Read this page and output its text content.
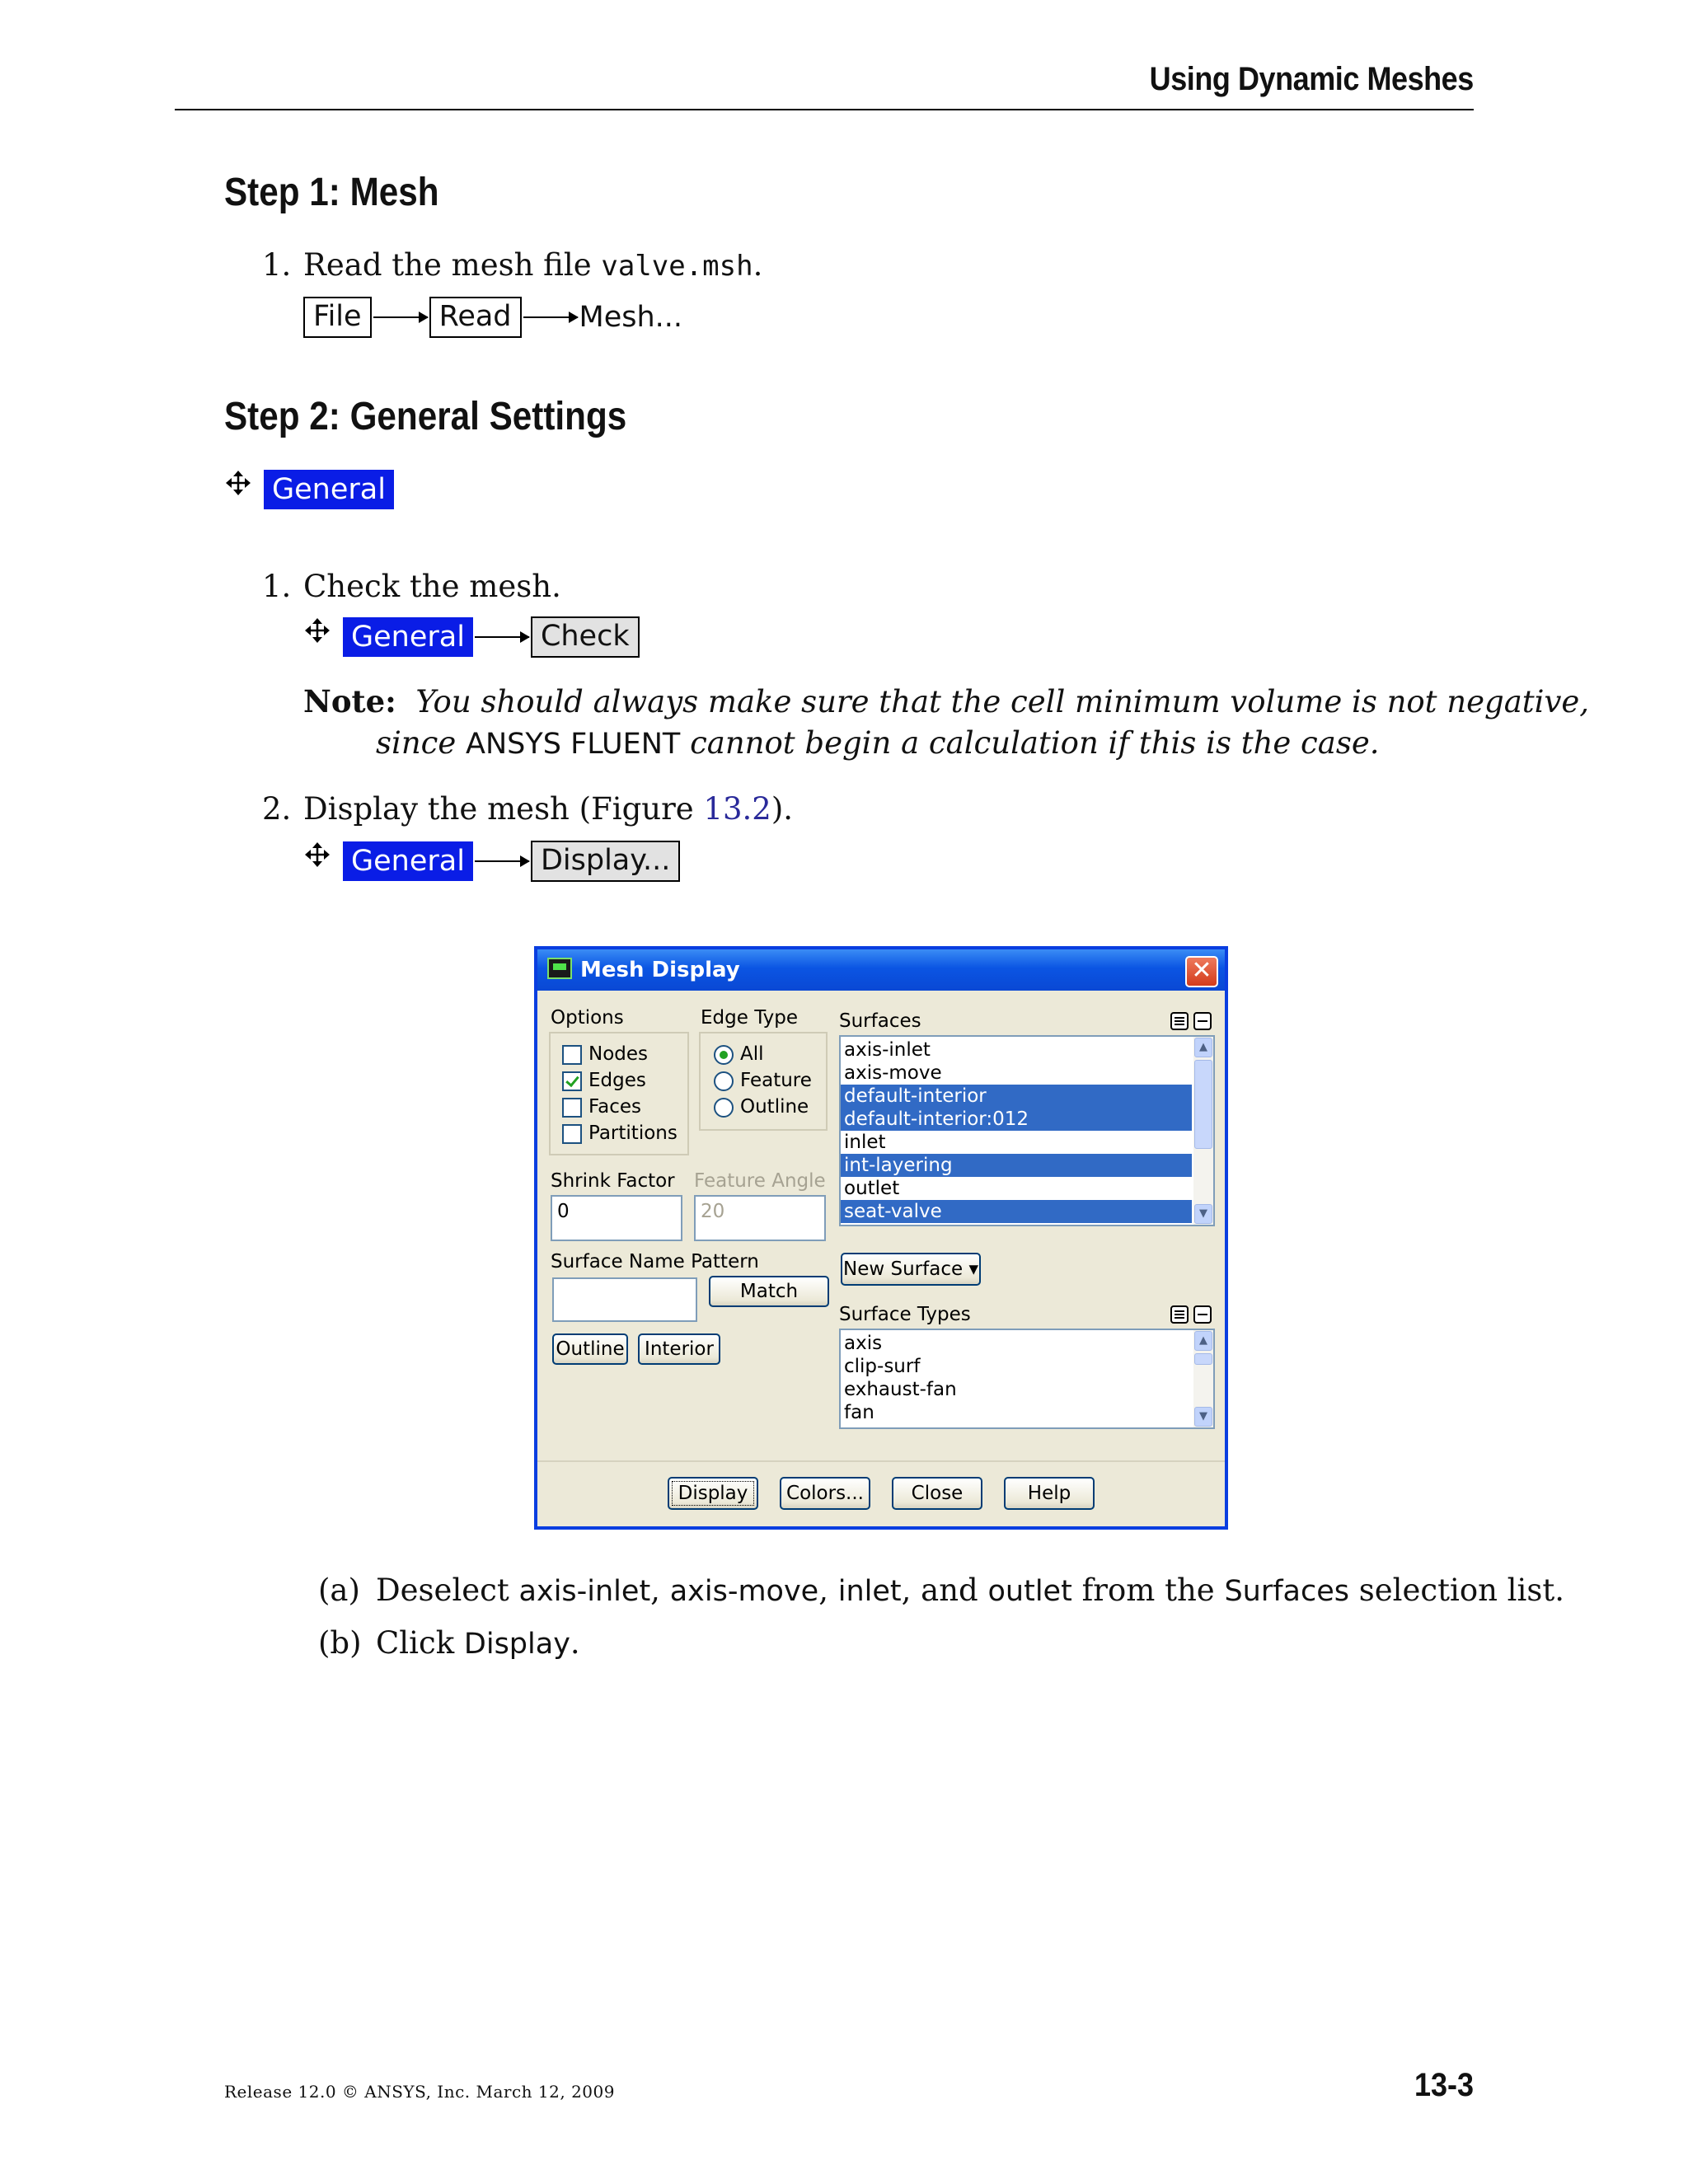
Using Dynamic Meshes
Step 1: Mesh
1. Read the mesh file valve.msh.
File	Read	Mesh...
Step 2: General Settings
General
1. Check the mesh.
General	Check
Note: You should always make sure that the cell minimum volume is not negative,
since ANSYS FLUENT cannot begin a calculation if this is the case.
2. Display the mesh (Figure 13.2).
General	Display...
Mesh Display	✕
Options
Nodes
Edges
Faces
Partitions
Edge Type
All
Feature
Outline
Shrink Factor
0
Feature Angle
20
Surface Name Pattern
Match
Outline	Interior
Surfaces
axis-inlet
axis-move
default-interior
default-interior:012
inlet
int-layering
outlet
seat-valve
▲
▼
New Surface ▾
Surface Types
axis
clip-surf
exhaust-fan
fan
▲
▼
Display	Colors...	Close	Help
(a) Deselect axis-inlet, axis-move, inlet, and outlet from the Surfaces selection list.
(b) Click Display.
Release 12.0 © ANSYS, Inc. March 12, 2009	13-3
